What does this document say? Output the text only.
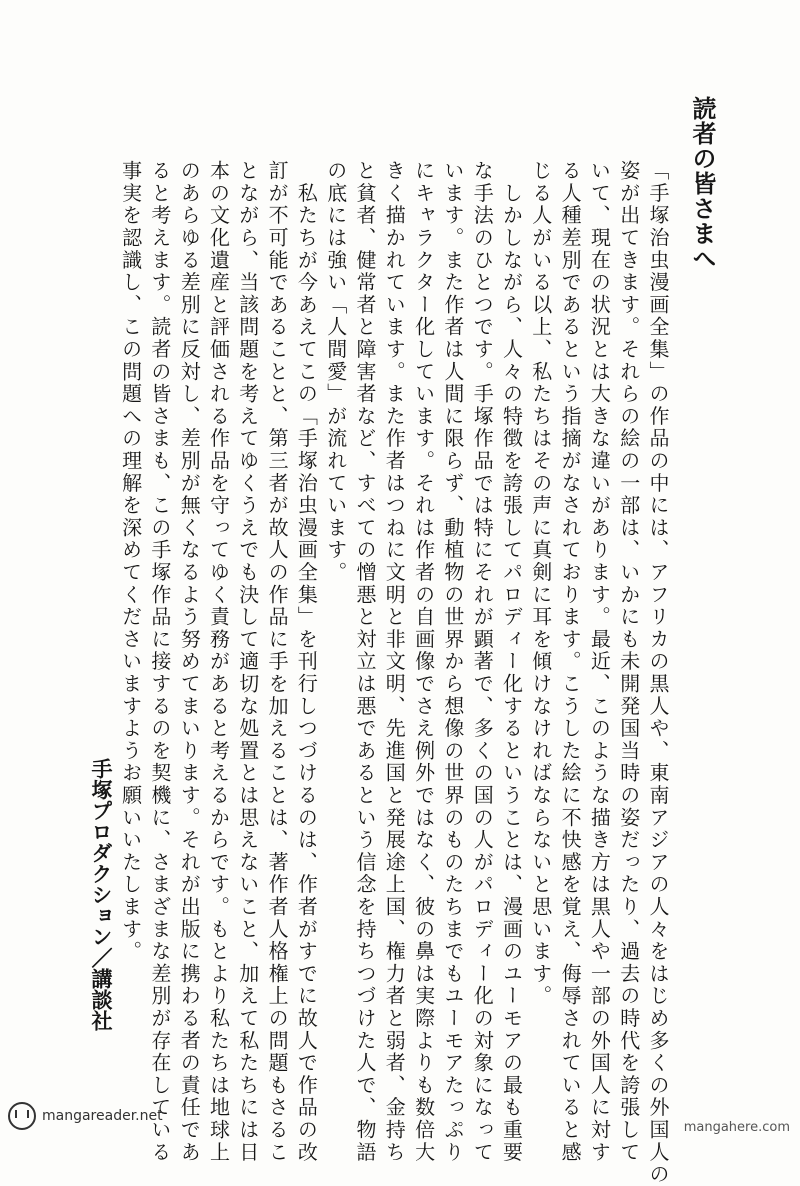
読者の皆さまへ
「手塚治虫漫画全集」の作品の中には、アフリカの黒人や、東南アジアの人々をはじめ多くの外国人の
姿が出てきます。それらの絵の一部は、いかにも未開発国当時の姿だったり、過去の時代を誇張して
いて、現在の状況とは大きな違いがあります。最近、このような描き方は黒人や一部の外国人に対す
る人種差別であるという指摘がなされております。こうした絵に不快感を覚え、侮辱されていると感
じる人がいる以上、私たちはその声に真剣に耳を傾けなければならないと思います。
　しかしながら、人々の特徴を誇張してパロディー化するということは、漫画のユーモアの最も重要
な手法のひとつです。手塚作品では特にそれが顕著で、多くの国の人がパロディー化の対象になって
います。また作者は人間に限らず、動植物の世界から想像の世界のものたちまでもユーモアたっぷり
にキャラクター化しています。それは作者の自画像でさえ例外ではなく、彼の鼻は実際よりも数倍大
きく描かれています。また作者はつねに文明と非文明、先進国と発展途上国、権力者と弱者、金持ち
と貧者、健常者と障害者など、すべての憎悪と対立は悪であるという信念を持ちつづけた人で、物語
の底には強い「人間愛」が流れています。
　私たちが今あえてこの「手塚治虫漫画全集」を刊行しつづけるのは、作者がすでに故人で作品の改
訂が不可能であることと、第三者が故人の作品に手を加えることは、著作者人格権上の問題もさるこ
とながら、当該問題を考えてゆくうえでも決して適切な処置とは思えないこと、加えて私たちには日
本の文化遺産と評価される作品を守ってゆく責務があると考えるからです。もとより私たちは地球上
のあらゆる差別に反対し、差別が無くなるよう努めてまいります。それが出版に携わる者の責任であ
ると考えます。読者の皆さまも、この手塚作品に接するのを契機に、さまざまな差別が存在している
事実を認識し、この問題への理解を深めてくださいますようお願いいたします。
手塚プロダクション／講談社
mangareader.net
mangahere.com
